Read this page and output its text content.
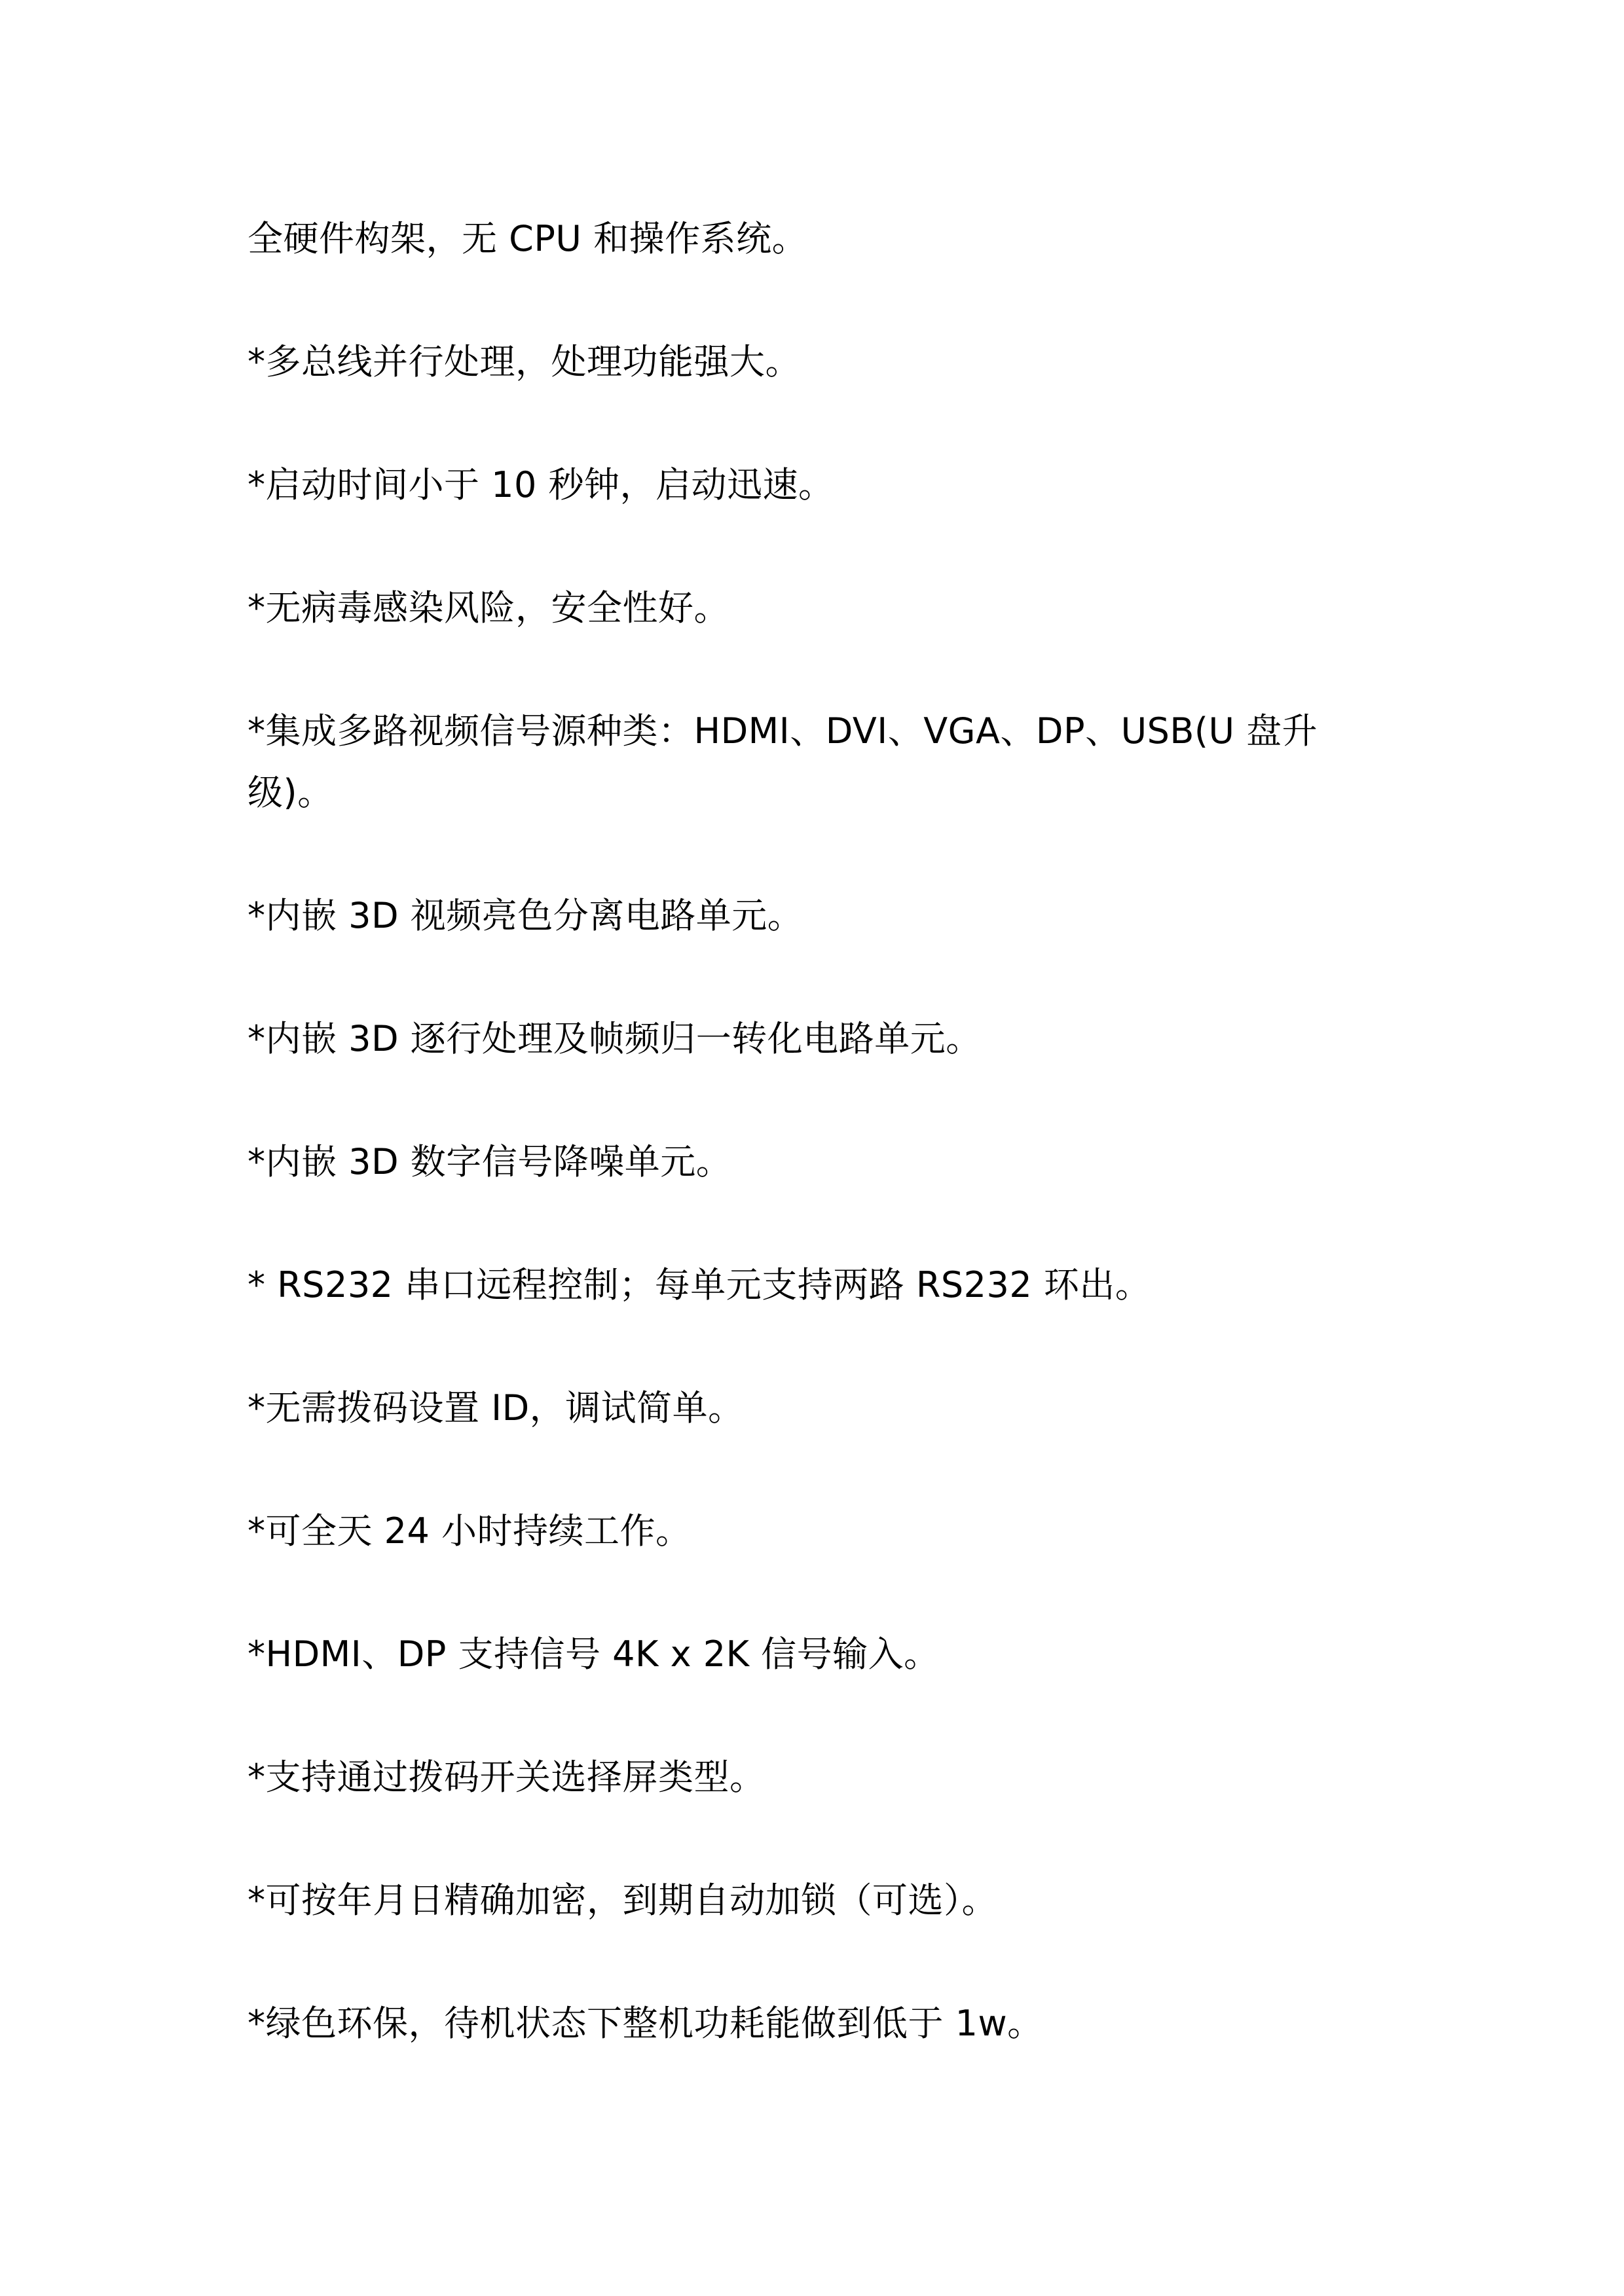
全硬件构架，无 CPU 和操作系统。

*多总线并行处理，处理功能强大。

*启动时间小于 10 秒钟，启动迅速。

*无病毒感染风险，安全性好。

*集成多路视频信号源种类：HDMI、DVI、VGA、DP、USB(U 盘升级)。

*内嵌 3D 视频亮色分离电路单元。

*内嵌 3D 逐行处理及帧频归一转化电路单元。

*内嵌 3D 数字信号降噪单元。

* RS232 串口远程控制；每单元支持两路 RS232 环出。

*无需拨码设置 ID，调试简单。

*可全天 24 小时持续工作。

*HDMI、DP 支持信号 4K x 2K 信号输入。

*支持通过拨码开关选择屏类型。

*可按年月日精确加密，到期自动加锁（可选）。

*绿色环保，待机状态下整机功耗能做到低于 1w。
